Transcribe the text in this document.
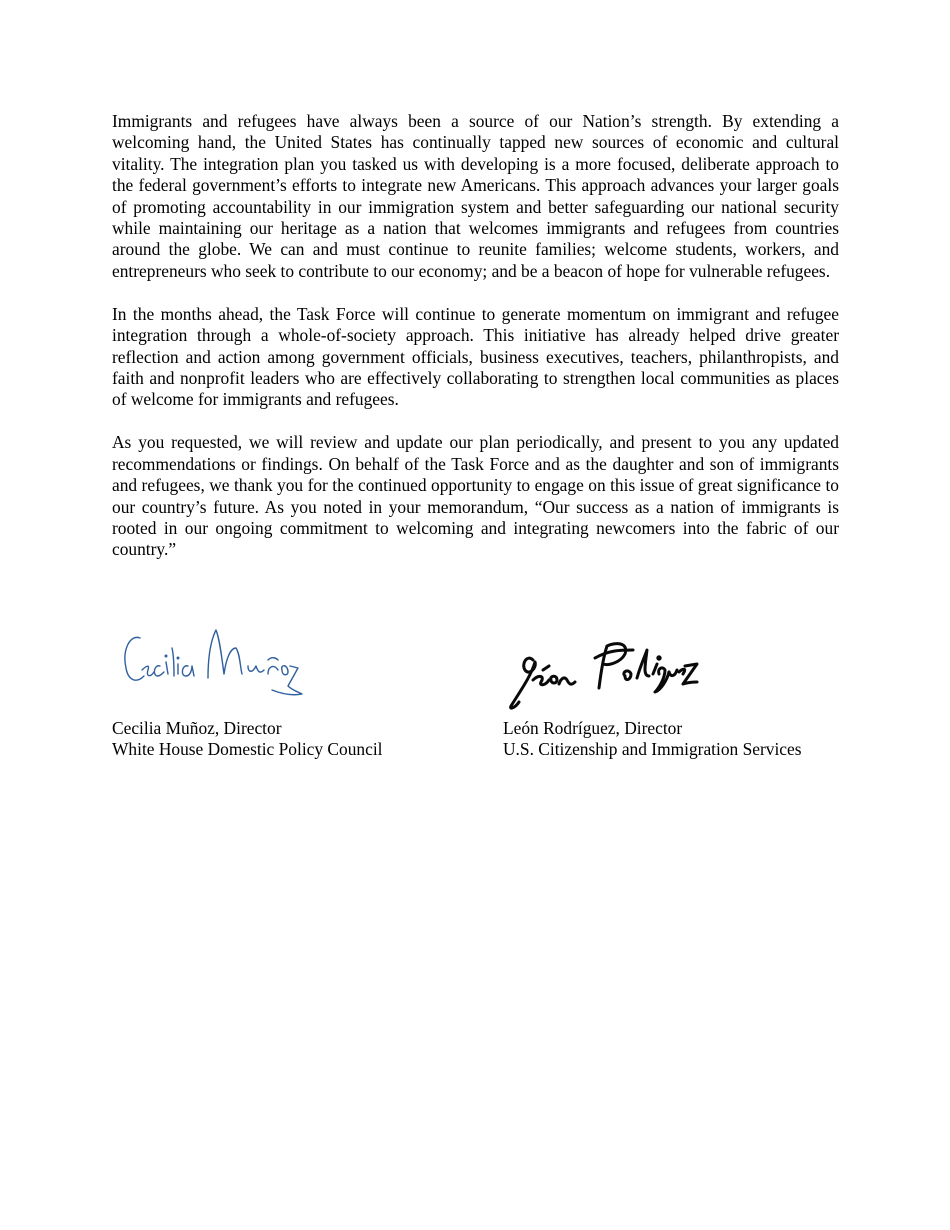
Immigrants and refugees have always been a source of our Nation’s strength. By extending a welcoming hand, the United States has continually tapped new sources of economic and cultural vitality. The integration plan you tasked us with developing is a more focused, deliberate approach to the federal government’s efforts to integrate new Americans. This approach advances your larger goals of promoting accountability in our immigration system and better safeguarding our national security while maintaining our heritage as a nation that welcomes immigrants and refugees from countries around the globe. We can and must continue to reunite families; welcome students, workers, and entrepreneurs who seek to contribute to our economy; and be a beacon of hope for vulnerable refugees.

In the months ahead, the Task Force will continue to generate momentum on immigrant and refugee integration through a whole-of-society approach. This initiative has already helped drive greater reflection and action among government officials, business executives, teachers, philanthropists, and faith and nonprofit leaders who are effectively collaborating to strengthen local communities as places of welcome for immigrants and refugees.

As you requested, we will review and update our plan periodically, and present to you any updated recommendations or findings. On behalf of the Task Force and as the daughter and son of immigrants and refugees, we thank you for the continued opportunity to engage on this issue of great significance to our country’s future. As you noted in your memorandum, “Our success as a nation of immigrants is rooted in our ongoing commitment to welcoming and integrating newcomers into the fabric of our country.”

Cecilia Muñoz, Director
White House Domestic Policy Council
León Rodríguez, Director
U.S. Citizenship and Immigration Services
